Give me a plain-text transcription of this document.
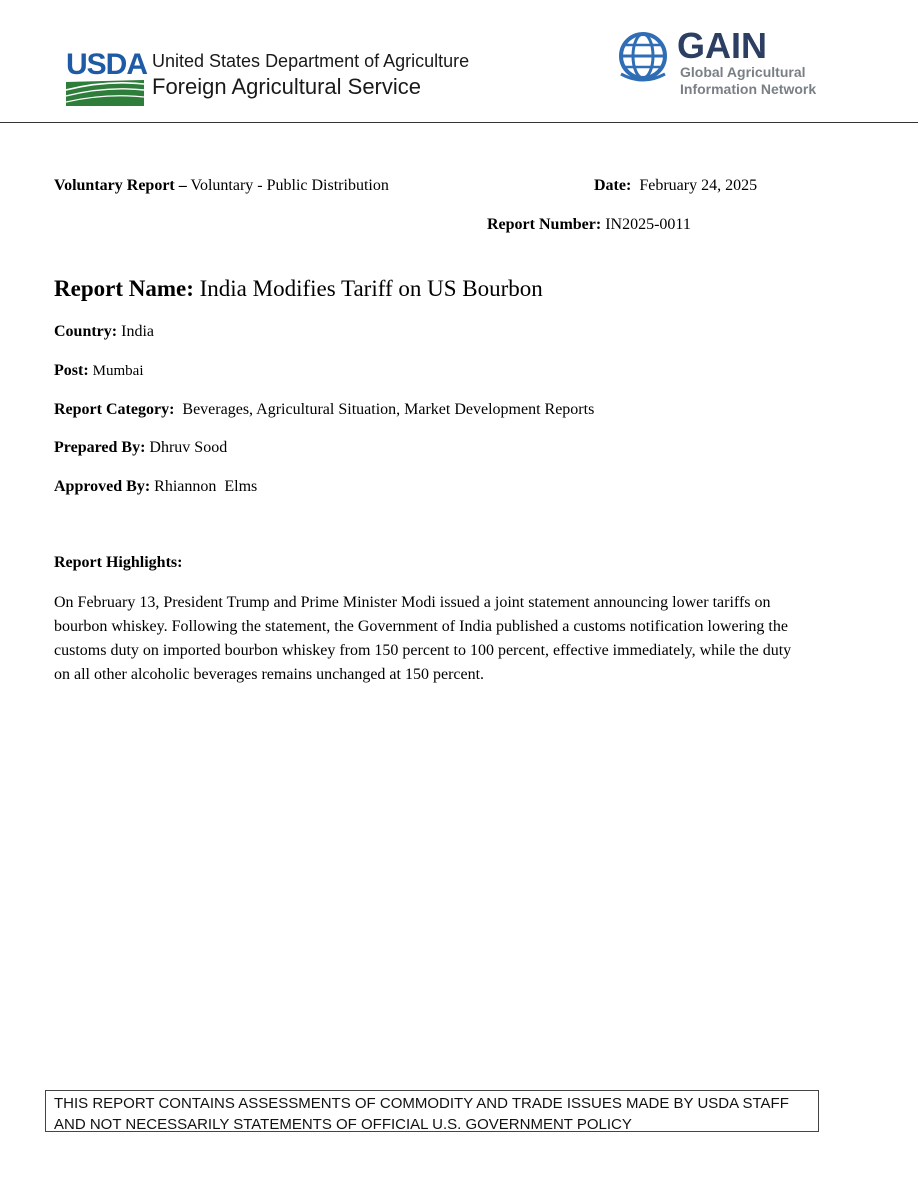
USDA United States Department of Agriculture
Foreign Agricultural Service
GAIN
Global Agricultural
Information Network
Voluntary Report – Voluntary - Public Distribution	Date: February 24, 2025
Report Number: IN2025-0011
Report Name: India Modifies Tariff on US Bourbon
Country: India
Post: Mumbai
Report Category: Beverages, Agricultural Situation, Market Development Reports
Prepared By: Dhruv Sood
Approved By: Rhiannon  Elms
Report Highlights:
On February 13, President Trump and Prime Minister Modi issued a joint statement announcing lower tariffs on bourbon whiskey. Following the statement, the Government of India published a customs notification lowering the customs duty on imported bourbon whiskey from 150 percent to 100 percent, effective immediately, while the duty on all other alcoholic beverages remains unchanged at 150 percent.
THIS REPORT CONTAINS ASSESSMENTS OF COMMODITY AND TRADE ISSUES MADE BY USDA STAFF
AND NOT NECESSARILY STATEMENTS OF OFFICIAL U.S. GOVERNMENT POLICY
